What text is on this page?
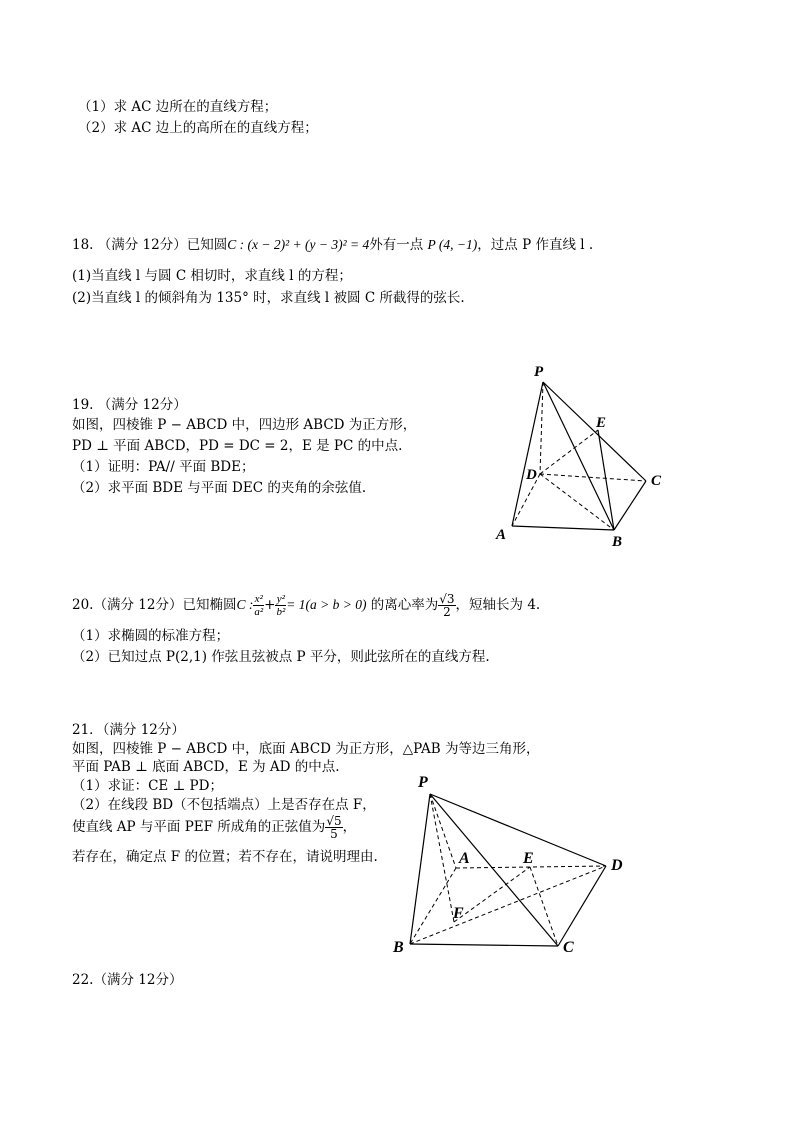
（1）求 AC 边所在的直线方程；
（2）求 AC 边上的高所在的直线方程；
18. （满分 12分）已知圆C : (x − 2)² + (y − 3)² = 4外有一点 P (4, −1)，过点 P 作直线 l .
(1)当直线 l 与圆 C 相切时，求直线 l 的方程；
(2)当直线 l 的倾斜角为 135° 时，求直线 l 被圆 C 所截得的弦长.
19. （满分 12分）
如图，四棱锥 P − ABCD 中，四边形 ABCD 为正方形，
PD ⊥ 平面 ABCD，PD = DC = 2，E 是 PC 的中点.
（1）证明：PA// 平面 BDE；
（2）求平面 BDE 与平面 DEC 的夹角的余弦值.
P
E
D	C
A	B
P
A	E	D
F
B	C
20.（满分 12分）已知椭圆C : $\frac{\text{x²}}{\text{a²}} + \frac{\text{y²}}{\text{b²}} = 1(a > b > 0)$ 的离心率为 $\frac{√3}{2}$ ，短轴长为 4.
（1）求椭圆的标准方程；
（2）已知过点 P(2,1) 作弦且弦被点 P 平分，则此弦所在的直线方程.
21．（满分 12分）
如图，四棱锥 P − ABCD 中，底面 ABCD 为正方形，△PAB 为等边三角形，
平面 PAB ⊥ 底面 ABCD，E 为 AD 的中点.
（1）求证：CE ⊥ PD；
（2）在线段 BD（不包括端点）上是否存在点 F，
使直线 AP 与平面 PEF 所成角的正弦值为 $\frac{√5}{5}$ ，
若存在，确定点 F 的位置；若不存在，请说明理由.
22.（满分 12分）
